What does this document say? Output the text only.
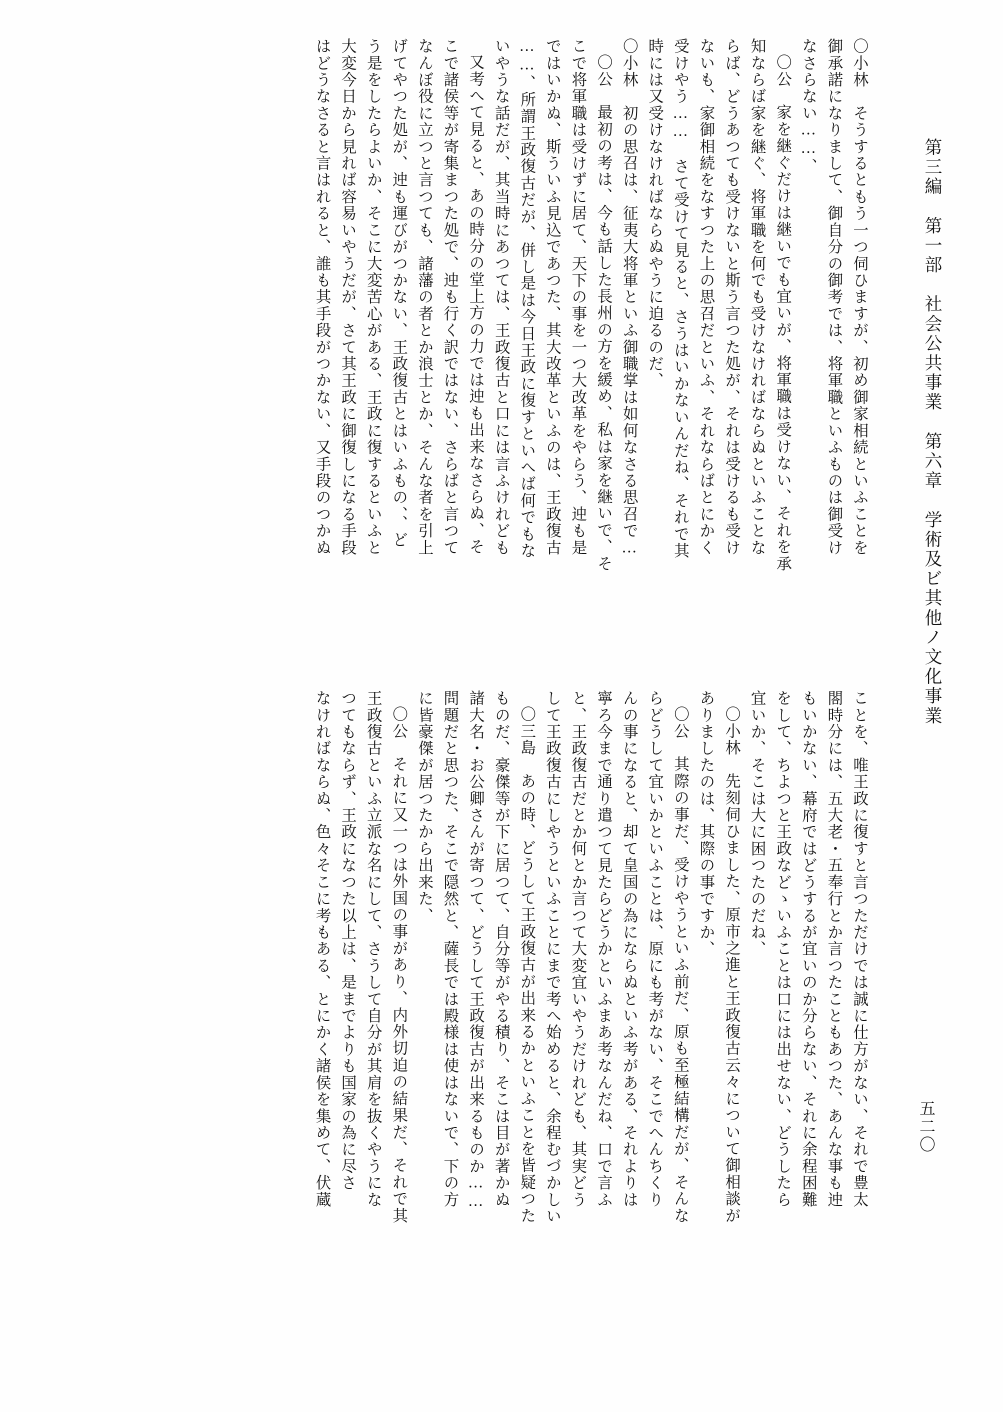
第三編　第一部　社会公共事業　第六章　学術及ビ其他ノ文化事業
五二〇
〇小林　そうするともう一つ伺ひますが、初め御家相続といふことを
御承諾になりまして、御自分の御考では、将軍職といふものは御受け
なさらない……、
〇公　家を継ぐだけは継いでも宜いが、将軍職は受けない、それを承
知ならば家を継ぐ、将軍職を何でも受けなければならぬといふことな
らば、どうあつても受けないと斯う言つた処が、それは受けるも受け
ないも、家御相続をなすつた上の思召だといふ、それならばとにかく
受けやう……　さて受けて見ると、さうはいかないんだね、それで其
時には又受けなければならぬやうに迫るのだ、
〇小林　初の思召は、征夷大将軍といふ御職掌は如何なさる思召で…
〇公　最初の考は、今も話した長州の方を緩め、私は家を継いで、そ
こで将軍職は受けずに居て、天下の事を一つ大改革をやらう、迚も是
ではいかぬ、斯ういふ見込であつた、其大改革といふのは、王政復古
……、所謂王政復古だが、併し是は今日王政に復すといへば何でもな
いやうな話だが、其当時にあつては、王政復古と口には言ふけれども
又考へて見ると、あの時分の堂上方の力では迚も出来なさらぬ、そ
こで諸侯等が寄集まつた処で、迚も行く訳ではない、さらばと言つて
なんぼ役に立つと言つても、諸藩の者とか浪士とか、そんな者を引上
げてやつた処が、迚も運びがつかない、王政復古とはいふもの、、ど
う是をしたらよいか、そこに大変苦心がある、王政に復するといふと
大変今日から見れば容易いやうだが、さて其王政に御復しになる手段
はどうなさると言はれると、誰も其手段がつかない、又手段のつかぬ
ことを、唯王政に復すと言つただけでは誠に仕方がない、それで豊太
閤時分には、五大老・五奉行とか言つたこともあつた、あんな事も迚
もいかない、幕府ではどうするが宜いのか分らない、それに余程困難
をして、ちよつと王政などゝいふことは口には出せない、どうしたら
宜いか、そこは大に困つたのだね、
〇小林　先刻伺ひました、原市之進と王政復古云々について御相談が
ありましたのは、其際の事ですか、
〇公　其際の事だ、受けやうといふ前だ、原も至極結構だが、そんな
らどうして宜いかといふことは、原にも考がない、そこでへんちくり
んの事になると、却て皇国の為にならぬといふ考がある、それよりは
寧ろ今まで通り遣つて見たらどうかといふまあ考なんだね、口で言ふ
と、王政復古だとか何とか言つて大変宜いやうだけれども、其実どう
して王政復古にしやうといふことにまで考へ始めると、余程むづかしい
〇三島　あの時、どうして王政復古が出来るかといふことを皆疑つた
ものだ、豪傑等が下に居つて、自分等がやる積り、そこは目が著かぬ
諸大名・お公卿さんが寄つて、どうして王政復古が出来るものか……
問題だと思つた、そこで隠然と、薩長では殿様は使はないで、下の方
に皆豪傑が居つたから出来た、
〇公　それに又一つは外国の事があり、内外切迫の結果だ、それで其
王政復古といふ立派な名にして、さうして自分が其肩を抜くやうにな
つてもならず、王政になつた以上は、是までよりも国家の為に尽さ
なければならぬ、色々そこに考もある、とにかく諸侯を集めて、伏蔵
